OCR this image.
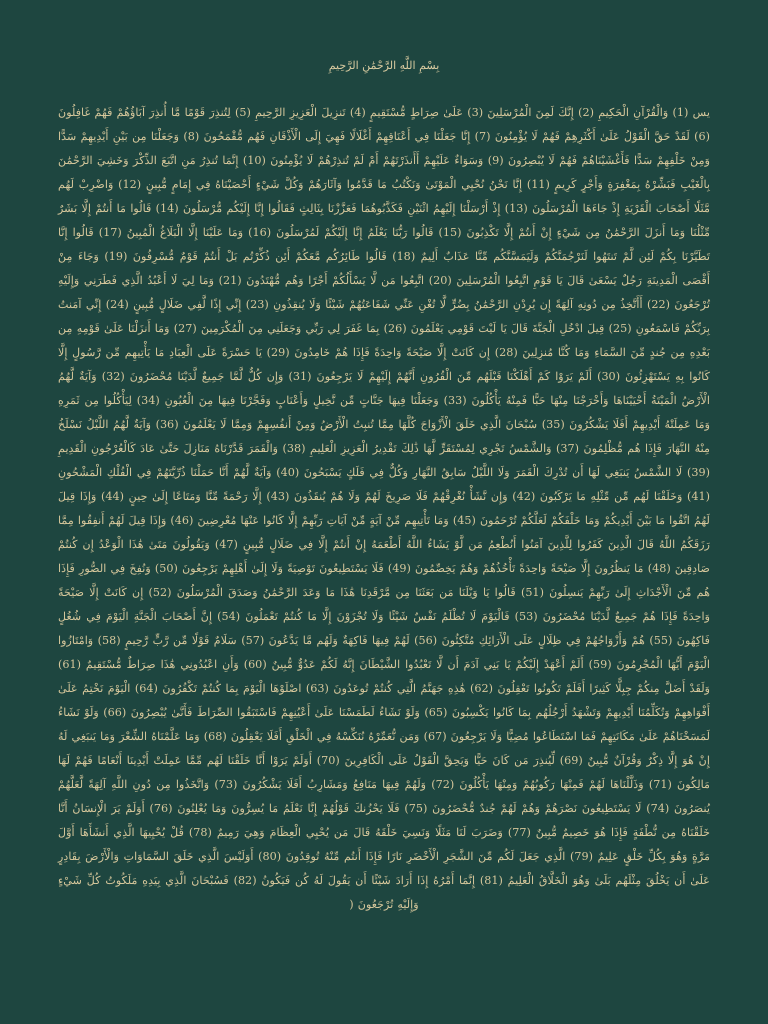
بِسْمِ اللَّهِ الرَّحْمَٰنِ الرَّحِيمِ
يس (1) وَالْقُرْآنِ الْحَكِيمِ (2) إِنَّكَ لَمِنَ الْمُرْسَلِينَ (3) عَلَىٰ صِرَاطٍ مُّسْتَقِيمٍ (4) تَنزِيلَ الْعَزِيزِ الرَّحِيمِ (5) لِتُنذِرَ قَوْمًا مَّا أُنذِرَ آبَاؤُهُمْ فَهُمْ غَافِلُونَ (6) لَقَدْ حَقَّ الْقَوْلُ عَلَىٰ أَكْثَرِهِمْ فَهُمْ لَا يُؤْمِنُونَ (7) إِنَّا جَعَلْنَا فِي أَعْنَاقِهِمْ أَغْلَالًا فَهِيَ إِلَى الْأَذْقَانِ فَهُم مُّقْمَحُونَ (8) وَجَعَلْنَا مِن بَيْنِ أَيْدِيهِمْ سَدًّا وَمِنْ خَلْفِهِمْ سَدًّا فَأَغْشَيْنَاهُمْ فَهُمْ لَا يُبْصِرُونَ (9) وَسَوَاءٌ عَلَيْهِمْ أَأَنذَرْتَهُمْ أَمْ لَمْ تُنذِرْهُمْ لَا يُؤْمِنُونَ (10) إِنَّمَا تُنذِرُ مَنِ اتَّبَعَ الذِّكْرَ وَخَشِيَ الرَّحْمَٰنَ بِالْغَيْبِ فَبَشِّرْهُ بِمَغْفِرَةٍ وَأَجْرٍ كَرِيمٍ (11) إِنَّا نَحْنُ نُحْيِي الْمَوْتَىٰ وَنَكْتُبُ مَا قَدَّمُوا وَآثَارَهُمْ وَكُلَّ شَيْءٍ أَحْصَيْنَاهُ فِي إِمَامٍ مُّبِينٍ (12) وَاضْرِبْ لَهُم مَّثَلًا أَصْحَابَ الْقَرْيَةِ إِذْ جَاءَهَا الْمُرْسَلُونَ (13) إِذْ أَرْسَلْنَا إِلَيْهِمُ اثْنَيْنِ فَكَذَّبُوهُمَا فَعَزَّزْنَا بِثَالِثٍ فَقَالُوا إِنَّا إِلَيْكُم مُّرْسَلُونَ (14) قَالُوا مَا أَنتُمْ إِلَّا بَشَرٌ مِّثْلُنَا وَمَا أَنزَلَ الرَّحْمَٰنُ مِن شَيْءٍ إِنْ أَنتُمْ إِلَّا تَكْذِبُونَ (15) قَالُوا رَبُّنَا يَعْلَمُ إِنَّا إِلَيْكُمْ لَمُرْسَلُونَ (16) وَمَا عَلَيْنَا إِلَّا الْبَلَاغُ الْمُبِينُ (17) قَالُوا إِنَّا تَطَيَّرْنَا بِكُمْ لَئِن لَّمْ تَنتَهُوا لَنَرْجُمَنَّكُمْ وَلَيَمَسَّنَّكُم مِّنَّا عَذَابٌ أَلِيمٌ (18) قَالُوا طَائِرُكُم مَّعَكُمْ أَئِن ذُكِّرْتُم بَلْ أَنتُمْ قَوْمٌ مُّسْرِفُونَ (19) وَجَاءَ مِنْ أَقْصَى الْمَدِينَةِ رَجُلٌ يَسْعَىٰ قَالَ يَا قَوْمِ اتَّبِعُوا الْمُرْسَلِينَ (20) اتَّبِعُوا مَن لَّا يَسْأَلُكُمْ أَجْرًا وَهُم مُّهْتَدُونَ (21) وَمَا لِيَ لَا أَعْبُدُ الَّذِي فَطَرَنِي وَإِلَيْهِ تُرْجَعُونَ (22) أَأَتَّخِذُ مِن دُونِهِ آلِهَةً إِن يُرِدْنِ الرَّحْمَٰنُ بِضُرٍّ لَّا تُغْنِ عَنِّي شَفَاعَتُهُمْ شَيْئًا وَلَا يُنقِذُونِ (23) إِنِّي إِذًا لَّفِي ضَلَالٍ مُّبِينٍ (24) إِنِّي آمَنتُ بِرَبِّكُمْ فَاسْمَعُونِ (25) قِيلَ ادْخُلِ الْجَنَّةَ قَالَ يَا لَيْتَ قَوْمِي يَعْلَمُونَ (26) بِمَا غَفَرَ لِي رَبِّي وَجَعَلَنِي مِنَ الْمُكْرَمِينَ (27) وَمَا أَنزَلْنَا عَلَىٰ قَوْمِهِ مِن بَعْدِهِ مِن جُندٍ مِّنَ السَّمَاءِ وَمَا كُنَّا مُنزِلِينَ (28) إِن كَانَتْ إِلَّا صَيْحَةً وَاحِدَةً فَإِذَا هُمْ خَامِدُونَ (29) يَا حَسْرَةً عَلَى الْعِبَادِ مَا يَأْتِيهِم مِّن رَّسُولٍ إِلَّا كَانُوا بِهِ يَسْتَهْزِئُونَ (30) أَلَمْ يَرَوْا كَمْ أَهْلَكْنَا قَبْلَهُم مِّنَ الْقُرُونِ أَنَّهُمْ إِلَيْهِمْ لَا يَرْجِعُونَ (31) وَإِن كُلٌّ لَّمَّا جَمِيعٌ لَّدَيْنَا مُحْضَرُونَ (32) وَآيَةٌ لَّهُمُ الْأَرْضُ الْمَيْتَةُ أَحْيَيْنَاهَا وَأَخْرَجْنَا مِنْهَا حَبًّا فَمِنْهُ يَأْكُلُونَ (33) وَجَعَلْنَا فِيهَا جَنَّاتٍ مِّن نَّخِيلٍ وَأَعْنَابٍ وَفَجَّرْنَا فِيهَا مِنَ الْعُيُونِ (34) لِيَأْكُلُوا مِن ثَمَرِهِ وَمَا عَمِلَتْهُ أَيْدِيهِمْ أَفَلَا يَشْكُرُونَ (35) سُبْحَانَ الَّذِي خَلَقَ الْأَزْوَاجَ كُلَّهَا مِمَّا تُنبِتُ الْأَرْضُ وَمِنْ أَنفُسِهِمْ وَمِمَّا لَا يَعْلَمُونَ (36) وَآيَةٌ لَّهُمُ اللَّيْلُ نَسْلَخُ مِنْهُ النَّهَارَ فَإِذَا هُم مُّظْلِمُونَ (37) وَالشَّمْسُ تَجْرِي لِمُسْتَقَرٍّ لَّهَا ذَٰلِكَ تَقْدِيرُ الْعَزِيزِ الْعَلِيمِ (38) وَالْقَمَرَ قَدَّرْنَاهُ مَنَازِلَ حَتَّىٰ عَادَ كَالْعُرْجُونِ الْقَدِيمِ (39) لَا الشَّمْسُ يَنبَغِي لَهَا أَن تُدْرِكَ الْقَمَرَ وَلَا اللَّيْلُ سَابِقُ النَّهَارِ وَكُلٌّ فِي فَلَكٍ يَسْبَحُونَ (40) وَآيَةٌ لَّهُمْ أَنَّا حَمَلْنَا ذُرِّيَّتَهُمْ فِي الْفُلْكِ الْمَشْحُونِ (41) وَخَلَقْنَا لَهُم مِّن مِّثْلِهِ مَا يَرْكَبُونَ (42) وَإِن نَّشَأْ نُغْرِقْهُمْ فَلَا صَرِيخَ لَهُمْ وَلَا هُمْ يُنقَذُونَ (43) إِلَّا رَحْمَةً مِّنَّا وَمَتَاعًا إِلَىٰ حِينٍ (44) وَإِذَا قِيلَ لَهُمُ اتَّقُوا مَا بَيْنَ أَيْدِيكُمْ وَمَا خَلْفَكُمْ لَعَلَّكُمْ تُرْحَمُونَ (45) وَمَا تَأْتِيهِم مِّنْ آيَةٍ مِّنْ آيَاتِ رَبِّهِمْ إِلَّا كَانُوا عَنْهَا مُعْرِضِينَ (46) وَإِذَا قِيلَ لَهُمْ أَنفِقُوا مِمَّا رَزَقَكُمُ اللَّهُ قَالَ الَّذِينَ كَفَرُوا لِلَّذِينَ آمَنُوا أَنُطْعِمُ مَن لَّوْ يَشَاءُ اللَّهُ أَطْعَمَهُ إِنْ أَنتُمْ إِلَّا فِي ضَلَالٍ مُّبِينٍ (47) وَيَقُولُونَ مَتَىٰ هَٰذَا الْوَعْدُ إِن كُنتُمْ صَادِقِينَ (48) مَا يَنظُرُونَ إِلَّا صَيْحَةً وَاحِدَةً تَأْخُذُهُمْ وَهُمْ يَخِصِّمُونَ (49) فَلَا يَسْتَطِيعُونَ تَوْصِيَةً وَلَا إِلَىٰ أَهْلِهِمْ يَرْجِعُونَ (50) وَنُفِخَ فِي الصُّورِ فَإِذَا هُم مِّنَ الْأَجْدَاثِ إِلَىٰ رَبِّهِمْ يَنسِلُونَ (51) قَالُوا يَا وَيْلَنَا مَن بَعَثَنَا مِن مَّرْقَدِنَا هَٰذَا مَا وَعَدَ الرَّحْمَٰنُ وَصَدَقَ الْمُرْسَلُونَ (52) إِن كَانَتْ إِلَّا صَيْحَةً وَاحِدَةً فَإِذَا هُمْ جَمِيعٌ لَّدَيْنَا مُحْضَرُونَ (53) فَالْيَوْمَ لَا تُظْلَمُ نَفْسٌ شَيْئًا وَلَا تُجْزَوْنَ إِلَّا مَا كُنتُمْ تَعْمَلُونَ (54) إِنَّ أَصْحَابَ الْجَنَّةِ الْيَوْمَ فِي شُغُلٍ فَاكِهُونَ (55) هُمْ وَأَزْوَاجُهُمْ فِي ظِلَالٍ عَلَى الْأَرَائِكِ مُتَّكِئُونَ (56) لَهُمْ فِيهَا فَاكِهَةٌ وَلَهُم مَّا يَدَّعُونَ (57) سَلَامٌ قَوْلًا مِّن رَّبٍّ رَّحِيمٍ (58) وَامْتَازُوا الْيَوْمَ أَيُّهَا الْمُجْرِمُونَ (59) أَلَمْ أَعْهَدْ إِلَيْكُمْ يَا بَنِي آدَمَ أَن لَّا تَعْبُدُوا الشَّيْطَانَ إِنَّهُ لَكُمْ عَدُوٌّ مُّبِينٌ (60) وَأَنِ اعْبُدُونِي هَٰذَا صِرَاطٌ مُّسْتَقِيمٌ (61) وَلَقَدْ أَضَلَّ مِنكُمْ جِبِلًّا كَثِيرًا أَفَلَمْ تَكُونُوا تَعْقِلُونَ (62) هَٰذِهِ جَهَنَّمُ الَّتِي كُنتُمْ تُوعَدُونَ (63) اصْلَوْهَا الْيَوْمَ بِمَا كُنتُمْ تَكْفُرُونَ (64) الْيَوْمَ نَخْتِمُ عَلَىٰ أَفْوَاهِهِمْ وَتُكَلِّمُنَا أَيْدِيهِمْ وَتَشْهَدُ أَرْجُلُهُم بِمَا كَانُوا يَكْسِبُونَ (65) وَلَوْ نَشَاءُ لَطَمَسْنَا عَلَىٰ أَعْيُنِهِمْ فَاسْتَبَقُوا الصِّرَاطَ فَأَنَّىٰ يُبْصِرُونَ (66) وَلَوْ نَشَاءُ لَمَسَخْنَاهُمْ عَلَىٰ مَكَانَتِهِمْ فَمَا اسْتَطَاعُوا مُضِيًّا وَلَا يَرْجِعُونَ (67) وَمَن نُّعَمِّرْهُ نُنَكِّسْهُ فِي الْخَلْقِ أَفَلَا يَعْقِلُونَ (68) وَمَا عَلَّمْنَاهُ الشِّعْرَ وَمَا يَنبَغِي لَهُ إِنْ هُوَ إِلَّا ذِكْرٌ وَقُرْآنٌ مُّبِينٌ (69) لِّيُنذِرَ مَن كَانَ حَيًّا وَيَحِقَّ الْقَوْلُ عَلَى الْكَافِرِينَ (70) أَوَلَمْ يَرَوْا أَنَّا خَلَقْنَا لَهُم مِّمَّا عَمِلَتْ أَيْدِينَا أَنْعَامًا فَهُمْ لَهَا مَالِكُونَ (71) وَذَلَّلْنَاهَا لَهُمْ فَمِنْهَا رَكُوبُهُمْ وَمِنْهَا يَأْكُلُونَ (72) وَلَهُمْ فِيهَا مَنَافِعُ وَمَشَارِبُ أَفَلَا يَشْكُرُونَ (73) وَاتَّخَذُوا مِن دُونِ اللَّهِ آلِهَةً لَّعَلَّهُمْ يُنصَرُونَ (74) لَا يَسْتَطِيعُونَ نَصْرَهُمْ وَهُمْ لَهُمْ جُندٌ مُّحْضَرُونَ (75) فَلَا يَحْزُنكَ قَوْلُهُمْ إِنَّا نَعْلَمُ مَا يُسِرُّونَ وَمَا يُعْلِنُونَ (76) أَوَلَمْ يَرَ الْإِنسَانُ أَنَّا خَلَقْنَاهُ مِن نُّطْفَةٍ فَإِذَا هُوَ خَصِيمٌ مُّبِينٌ (77) وَضَرَبَ لَنَا مَثَلًا وَنَسِيَ خَلْقَهُ قَالَ مَن يُحْيِي الْعِظَامَ وَهِيَ رَمِيمٌ (78) قُلْ يُحْيِيهَا الَّذِي أَنشَأَهَا أَوَّلَ مَرَّةٍ وَهُوَ بِكُلِّ خَلْقٍ عَلِيمٌ (79) الَّذِي جَعَلَ لَكُم مِّنَ الشَّجَرِ الْأَخْضَرِ نَارًا فَإِذَا أَنتُم مِّنْهُ تُوقِدُونَ (80) أَوَلَيْسَ الَّذِي خَلَقَ السَّمَاوَاتِ وَالْأَرْضَ بِقَادِرٍ عَلَىٰ أَن يَخْلُقَ مِثْلَهُم بَلَىٰ وَهُوَ الْخَلَّاقُ الْعَلِيمُ (81) إِنَّمَا أَمْرُهُ إِذَا أَرَادَ شَيْئًا أَن يَقُولَ لَهُ كُن فَيَكُونُ (82) فَسُبْحَانَ الَّذِي بِيَدِهِ مَلَكُوتُ كُلِّ شَيْءٍ وَإِلَيْهِ تُرْجَعُونَ (
